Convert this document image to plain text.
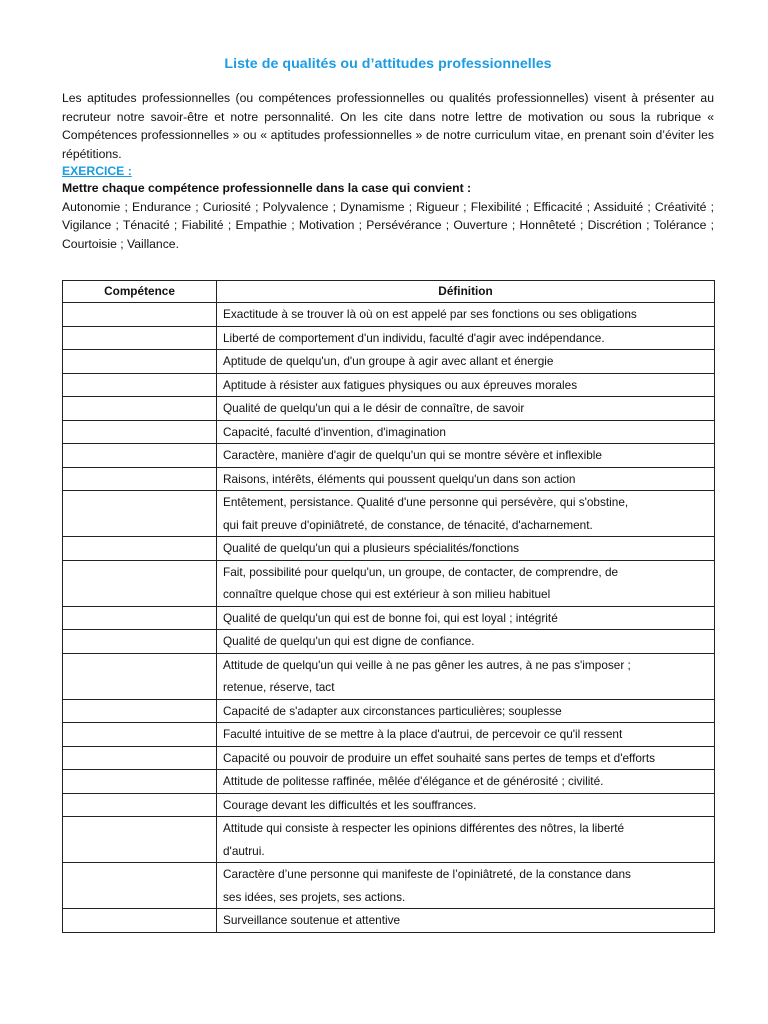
Liste de qualités ou d’attitudes professionnelles

Les aptitudes professionnelles (ou compétences professionnelles ou qualités professionnelles) visent à présenter au recruteur notre savoir-être et notre personnalité. On les cite dans notre lettre de motivation ou sous la rubrique « Compétences professionnelles » ou « aptitudes professionnelles » de notre curriculum vitae, en prenant soin d’éviter les répétitions.

EXERCICE :

Mettre chaque compétence professionnelle dans la case qui convient :

Autonomie ; Endurance ; Curiosité ; Polyvalence ; Dynamisme ; Rigueur ; Flexibilité ; Efficacité ; Assiduité ; Créativité ; Vigilance ; Ténacité ; Fiabilité ; Empathie ; Motivation ; Persévérance ; Ouverture ; Honnêteté ; Discrétion ; Tolérance ; Courtoisie ; Vaillance.

Compétence	Définition

	Exactitude à se trouver là où on est appelé par ses fonctions ou ses obligations

	Liberté de comportement d'un individu, faculté d'agir avec indépendance.

	Aptitude de quelqu'un, d'un groupe à agir avec allant et énergie

	Aptitude à résister aux fatigues physiques ou aux épreuves morales

	Qualité de quelqu'un qui a le désir de connaître, de savoir

	Capacité, faculté d'invention, d'imagination

	Caractère, manière d'agir de quelqu'un qui se montre sévère et inflexible

	Raisons, intérêts, éléments qui poussent quelqu'un dans son action

	Entêtement, persistance. Qualité d'une personne qui persévère, qui s'obstine,
qui fait preuve d'opiniâtreté, de constance, de ténacité, d'acharnement.

	Qualité de quelqu'un qui a plusieurs spécialités/fonctions

	Fait, possibilité pour quelqu'un, un groupe, de contacter, de comprendre, de
connaître quelque chose qui est extérieur à son milieu habituel

	Qualité de quelqu'un qui est de bonne foi, qui est loyal ; intégrité

	Qualité de quelqu'un qui est digne de confiance.

	Attitude de quelqu'un qui veille à ne pas gêner les autres, à ne pas s'imposer ;
retenue, réserve, tact

	Capacité de s'adapter aux circonstances particulières; souplesse

	Faculté intuitive de se mettre à la place d'autrui, de percevoir ce qu'il ressent

	Capacité ou pouvoir de produire un effet souhaité sans pertes de temps et d'efforts

	Attitude de politesse raffinée, mêlée d'élégance et de générosité ; civilité.

	Courage devant les difficultés et les souffrances.

	Attitude qui consiste à respecter les opinions différentes des nôtres, la liberté
d'autrui.

	Caractère d’une personne qui manifeste de l’opiniâtreté, de la constance dans
ses idées, ses projets, ses actions.

	Surveillance soutenue et attentive
